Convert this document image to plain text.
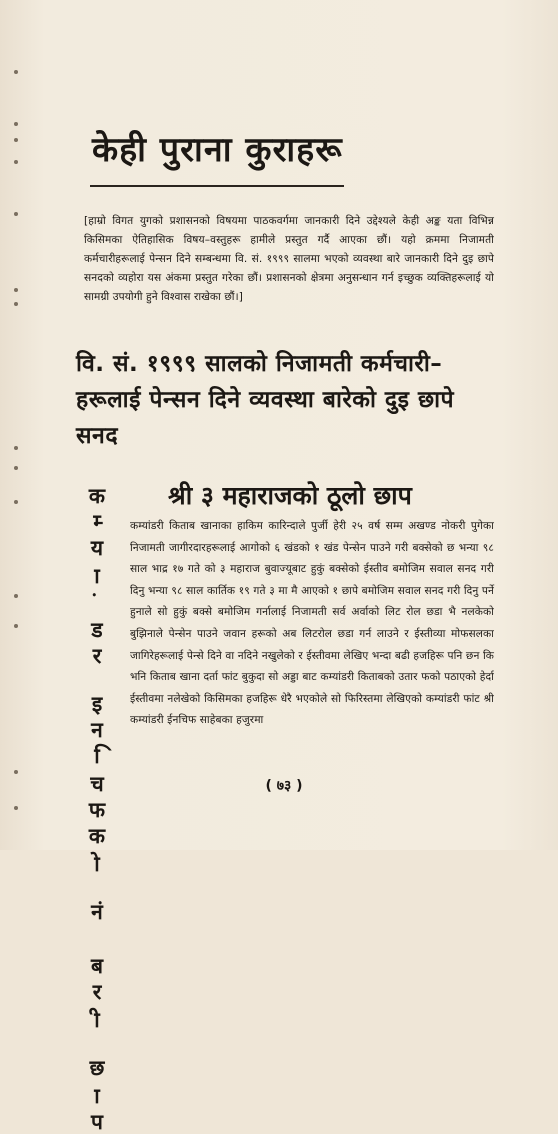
केही पुराना कुराहरू
[हाम्रो विगत युगको प्रशासनको विषयमा पाठकवर्गमा जानकारी दिने उद्देश्यले केही अङ्क यता विभिन्न किसिमका ऐतिहासिक विषय–वस्तुहरू हामीले प्रस्तुत गर्दै आएका छौं। यहो क्रममा निजामती कर्मचारीहरूलाई पेन्सन दिने सम्बन्धमा वि. सं. १९९९ सालमा भएको व्यवस्था बारे जानकारी दिने दुइ छापे सनदको व्यहोरा यस अंकमा प्रस्तुत गरेका छौं। प्रशासनको क्षेत्रमा अनुसन्धान गर्न इच्छुक व्यक्तिहरूलाई यो सामग्री उपयोगी हुने विश्वास राखेका छौं।]
वि. सं. १९९९ सालको निजामती कर्मचारी–हरूलाई पेन्सन दिने व्यवस्था बारेको दुइ छापे सनद
कम्यांडर इनचिफको नंबरी छाप श्री ३ महाराजको ठूलो छाप
कम्यांडरी किताब खानाका हाकिम कारिन्दाले पुर्जी हेरी २५ वर्ष सम्म अखण्ड नोकरी पुगेका निजामती जागीरदारहरूलाई आगोको ६ खंडको १ खंड पेन्सेन पाउने गरी बक्सेको छ भन्या ९८ साल भाद्र १७ गते को ३ महाराज बुवाज्यूबाट हुकुं बक्सेको ईस्तीव बमोजिम सवाल सनद गरी दिनु भन्या ९८ साल कार्तिक १९ गते ३ मा मै आएको १ छापे बमोजिम सवाल सनद गरी दिनु पर्ने हुनाले सो हुकुं बक्से बमोजिम गर्नालाई निजामती सर्व अर्वाको लिट रोल छडा भै नलकेको बुझिनाले पेन्सेन पाउने जवान हरूको अब लिटरोल छडा गर्न लाउने र ईस्तीव्या मोफसलका जागिरेहरूलाई पेन्से दिने वा नदिने नखुलेको र ईस्तीवमा लेखिए भन्दा बढी हजहिरू पनि छन कि भनि किताब खाना दर्ता फांट बुकुदा सो अड्डा बाट कम्यांडरी किताबको उतार फको पठाएको हेर्दा ईस्तीवमा नलेखेको किसिमका हजहिरू धेरै भएकोले सो फिरिस्तमा लेखिएको कम्यांडरी फांट श्री कम्यांडरी ईनचिफ साहेबका हजुरमा
( ७३ )
